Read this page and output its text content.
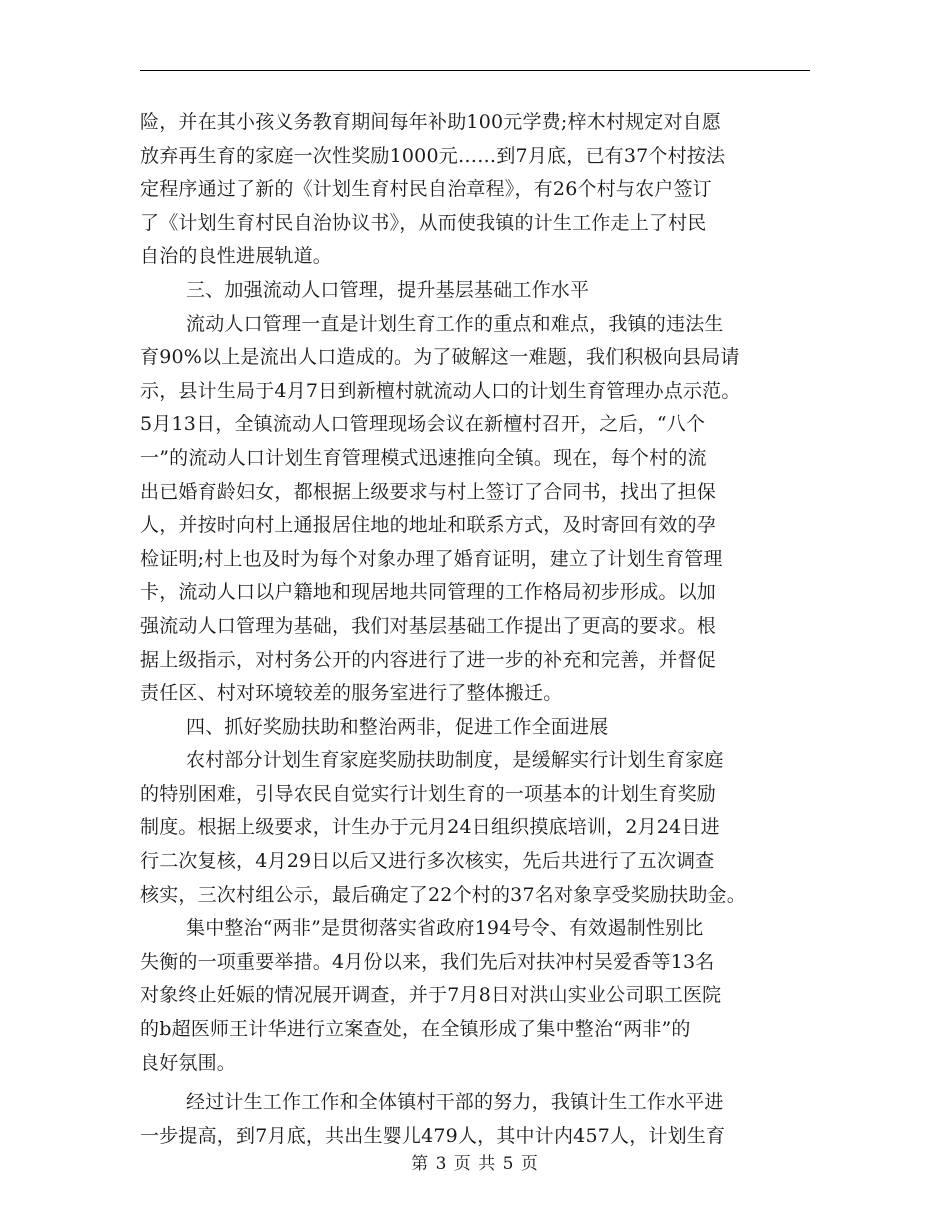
险，并在其小孩义务教育期间每年补助100元学费;梓木村规定对自愿
放弃再生育的家庭一次性奖励1000元……到7月底，已有37个村按法
定程序通过了新的《计划生育村民自治章程》，有26个村与农户签订
了《计划生育村民自治协议书》，从而使我镇的计生工作走上了村民
自治的良性进展轨道。
三、加强流动人口管理，提升基层基础工作水平
流动人口管理一直是计划生育工作的重点和难点，我镇的违法生
育90%以上是流出人口造成的。为了破解这一难题，我们积极向县局请
示，县计生局于4月7日到新檀村就流动人口的计划生育管理办点示范。
5月13日，全镇流动人口管理现场会议在新檀村召开，之后，“八个
一”的流动人口计划生育管理模式迅速推向全镇。现在，每个村的流
出已婚育龄妇女，都根据上级要求与村上签订了合同书，找出了担保
人，并按时向村上通报居住地的地址和联系方式，及时寄回有效的孕
检证明;村上也及时为每个对象办理了婚育证明，建立了计划生育管理
卡，流动人口以户籍地和现居地共同管理的工作格局初步形成。以加
强流动人口管理为基础，我们对基层基础工作提出了更高的要求。根
据上级指示，对村务公开的内容进行了进一步的补充和完善，并督促
责任区、村对环境较差的服务室进行了整体搬迁。
四、抓好奖励扶助和整治两非，促进工作全面进展
农村部分计划生育家庭奖励扶助制度，是缓解实行计划生育家庭
的特别困难，引导农民自觉实行计划生育的一项基本的计划生育奖励
制度。根据上级要求，计生办于元月24日组织摸底培训，2月24日进
行二次复核，4月29日以后又进行多次核实，先后共进行了五次调查
核实，三次村组公示，最后确定了22个村的37名对象享受奖励扶助金。
集中整治“两非”是贯彻落实省政府194号令、有效遏制性别比
失衡的一项重要举措。4月份以来，我们先后对扶冲村吴爱香等13名
对象终止妊娠的情况展开调查，并于7月8日对洪山实业公司职工医院
的b超医师王计华进行立案查处，在全镇形成了集中整治“两非”的
良好氛围。
经过计生工作工作和全体镇村干部的努力，我镇计生工作水平进
一步提高，到7月底，共出生婴儿479人，其中计内457人，计划生育
第 3 页 共 5 页
